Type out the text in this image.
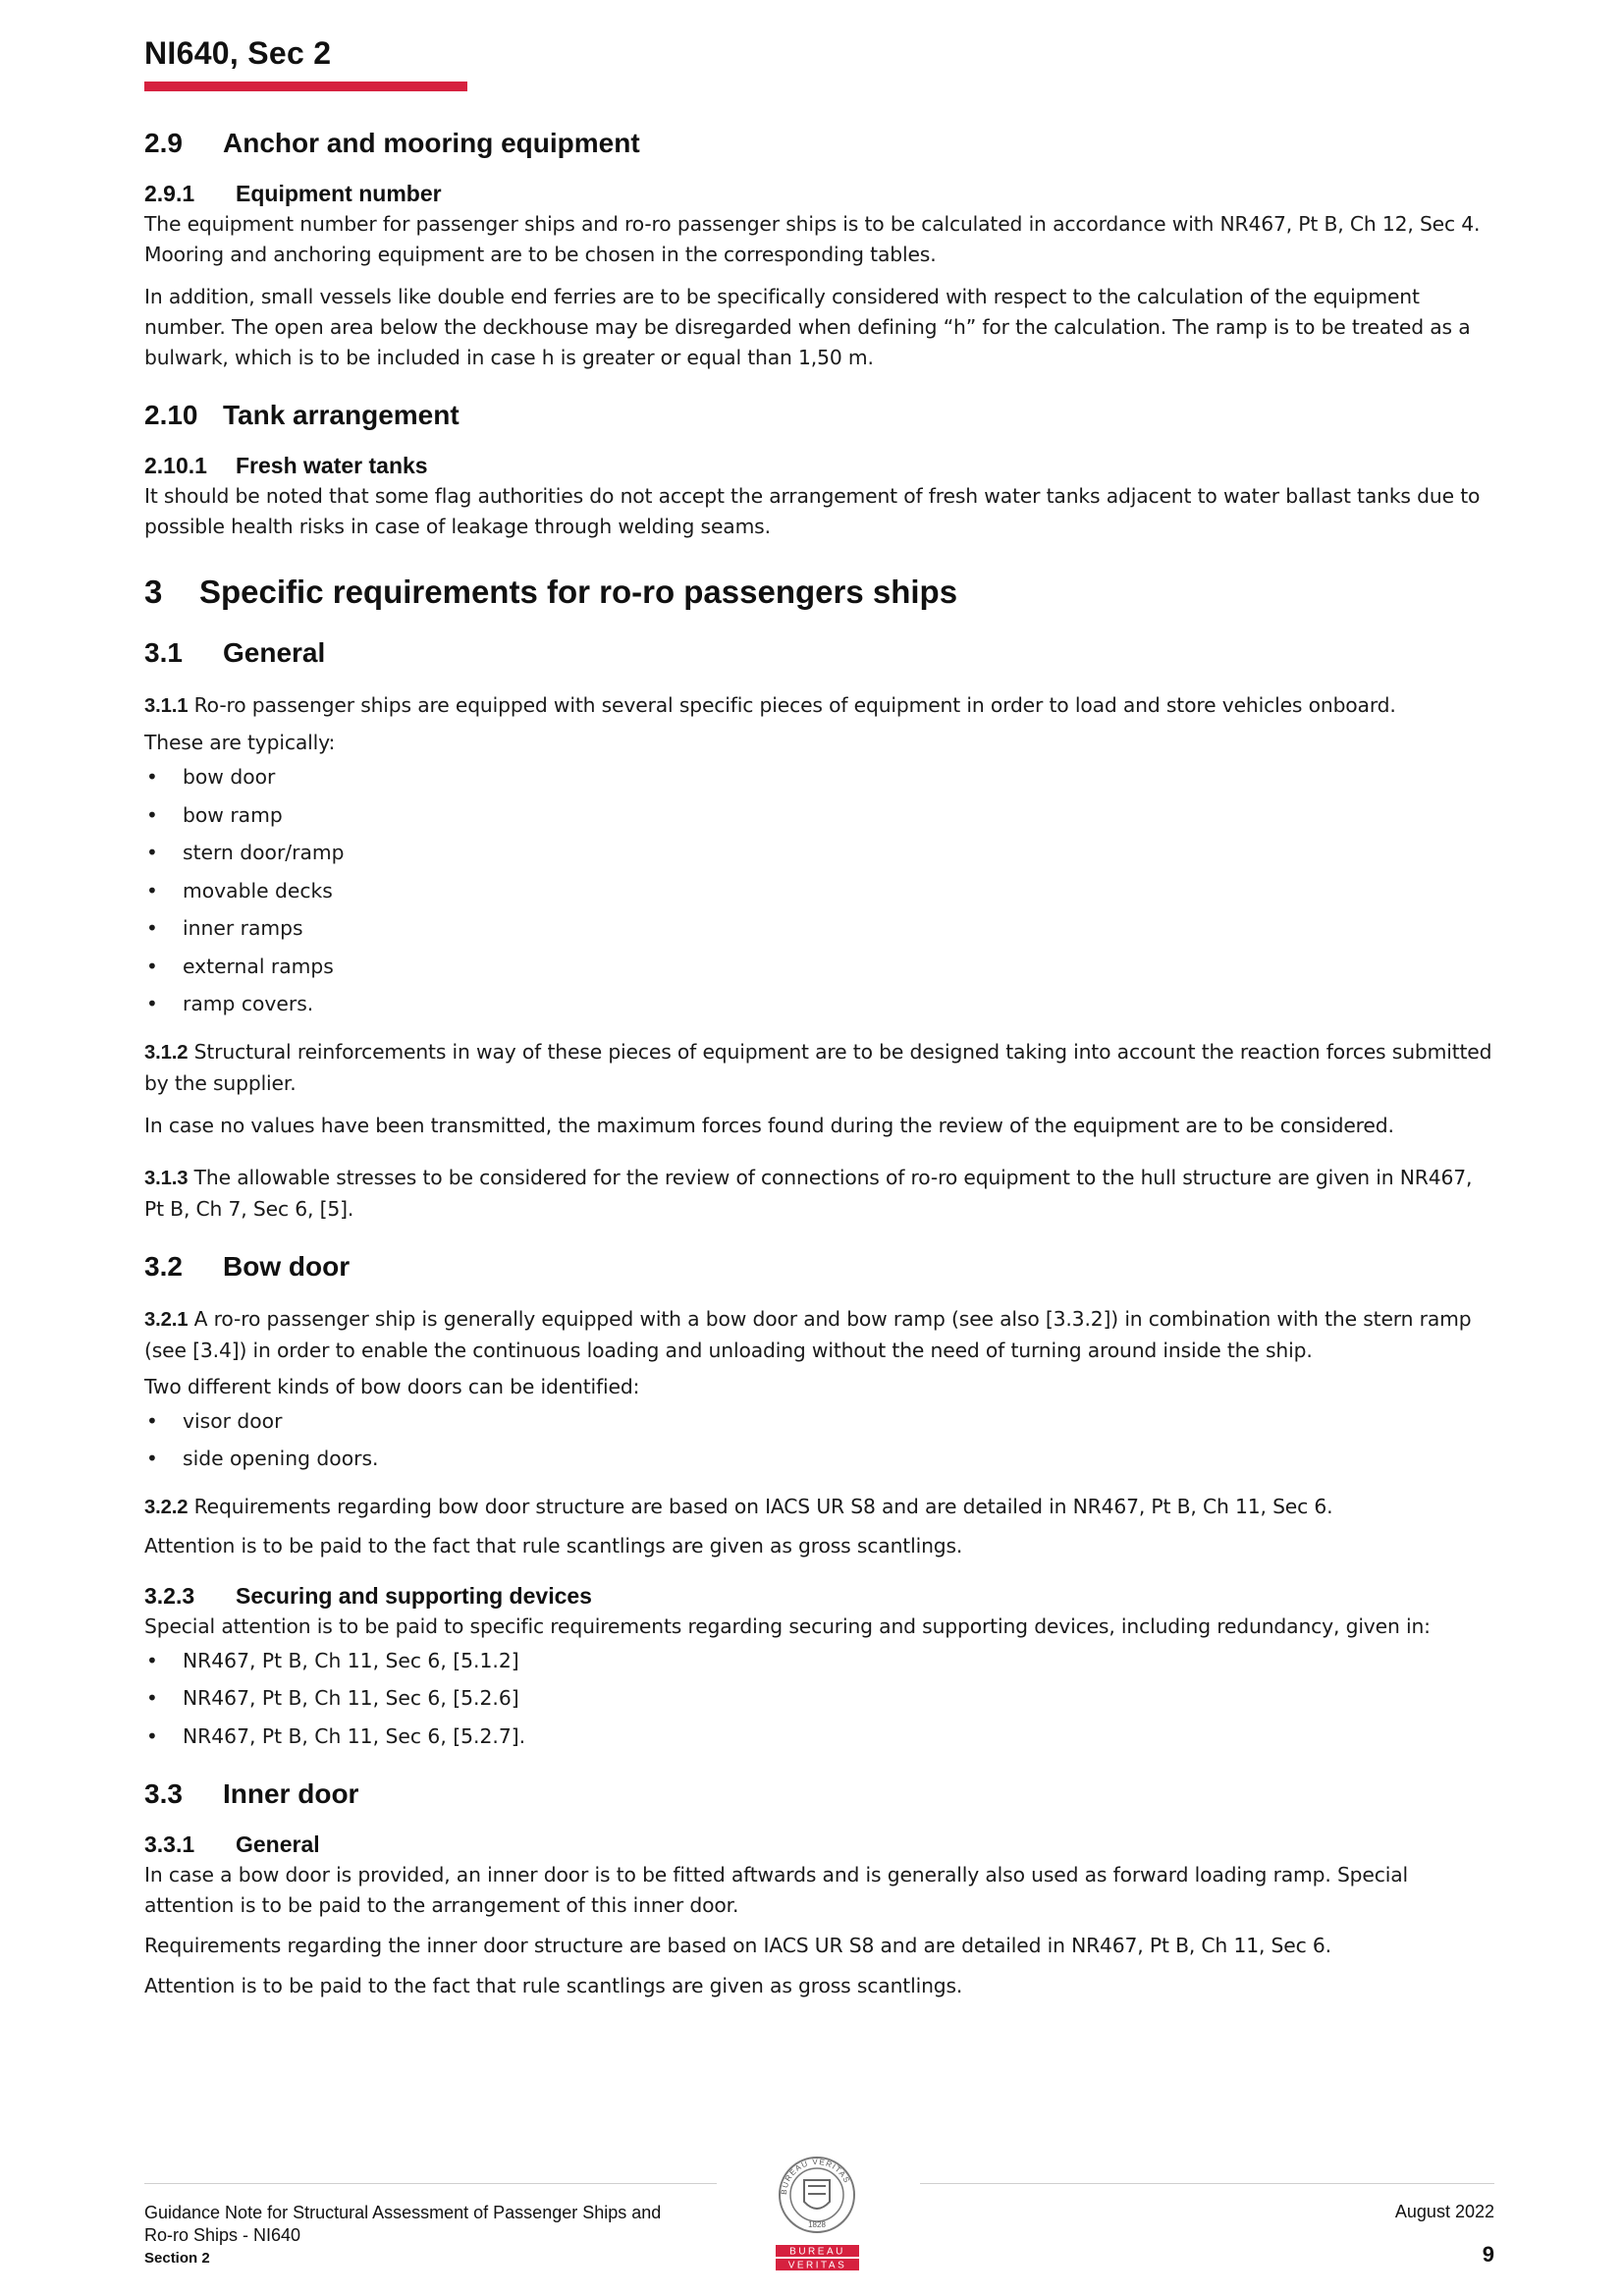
NI640, Sec 2
2.9	Anchor and mooring equipment
2.9.1	Equipment number

The equipment number for passenger ships and ro-ro passenger ships is to be calculated in accordance with NR467, Pt B, Ch 12, Sec 4. Mooring and anchoring equipment are to be chosen in the corresponding tables.

In addition, small vessels like double end ferries are to be specifically considered with respect to the calculation of the equipment number. The open area below the deckhouse may be disregarded when defining “h” for the calculation. The ramp is to be treated as a bulwark, which is to be included in case h is greater or equal than 1,50 m.

2.10 Tank arrangement
2.10.1	Fresh water tanks

It should be noted that some flag authorities do not accept the arrangement of fresh water tanks adjacent to water ballast tanks due to possible health risks in case of leakage through welding seams.

3	Specific requirements for ro-ro passengers ships
3.1	General

3.1.1 Ro-ro passenger ships are equipped with several specific pieces of equipment in order to load and store vehicles onboard.

These are typically:

• bow door
• bow ramp
• stern door/ramp
• movable decks
• inner ramps
• external ramps
• ramp covers.

3.1.2 Structural reinforcements in way of these pieces of equipment are to be designed taking into account the reaction forces submitted by the supplier.

In case no values have been transmitted, the maximum forces found during the review of the equipment are to be considered.

3.1.3 The allowable stresses to be considered for the review of connections of ro-ro equipment to the hull structure are given in NR467, Pt B, Ch 7, Sec 6, [5].

3.2	Bow door

3.2.1 A ro-ro passenger ship is generally equipped with a bow door and bow ramp (see also [3.3.2]) in combination with the stern ramp (see [3.4]) in order to enable the continuous loading and unloading without the need of turning around inside the ship.

Two different kinds of bow doors can be identified:

• visor door
• side opening doors.

3.2.2 Requirements regarding bow door structure are based on IACS UR S8 and are detailed in NR467, Pt B, Ch 11, Sec 6.

Attention is to be paid to the fact that rule scantlings are given as gross scantlings.

3.2.3	Securing and supporting devices

Special attention is to be paid to specific requirements regarding securing and supporting devices, including redundancy, given in:

• NR467, Pt B, Ch 11, Sec 6, [5.1.2]
• NR467, Pt B, Ch 11, Sec 6, [5.2.6]
• NR467, Pt B, Ch 11, Sec 6, [5.2.7].
3.3	Inner door
3.3.1	General

In case a bow door is provided, an inner door is to be fitted aftwards and is generally also used as forward loading ramp. Special attention is to be paid to the arrangement of this inner door.

Requirements regarding the inner door structure are based on IACS UR S8 and are detailed in NR467, Pt B, Ch 11, Sec 6.

Attention is to be paid to the fact that rule scantlings are given as gross scantlings.

Guidance Note for Structural Assessment of Passenger Ships and
Ro-ro Ships - NI640
Section 2
BUREAU VERITAS
1828
BUREAU
VERITAS
August 2022
9
